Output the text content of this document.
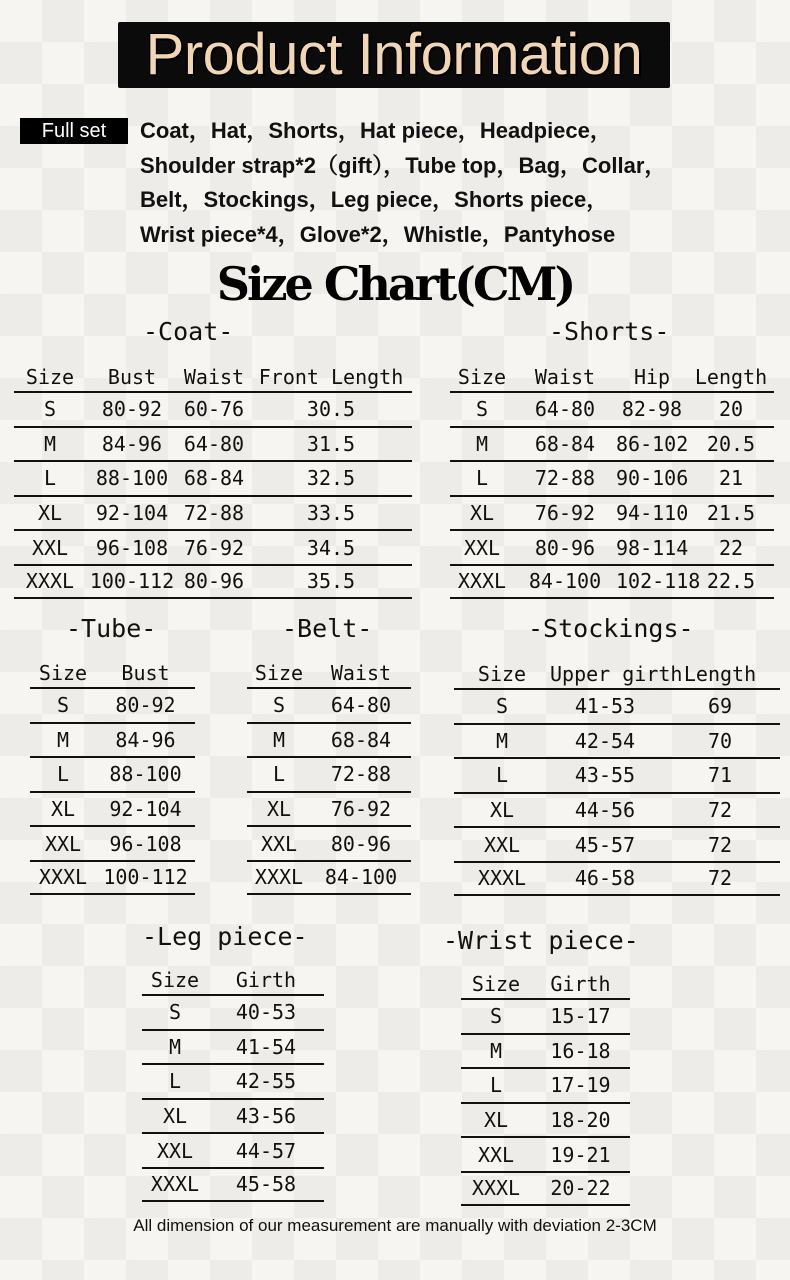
Product Information
Full set	Coat，Hat，Shorts，Hat piece，Headpiece，
Shoulder strap*2（gift），Tube top，Bag，Collar，
Belt，Stockings，Leg piece，Shorts piece，
Wrist piece*4，Glove*2，Whistle，Pantyhose
Size Chart(CM)
-Coat-	-Shorts-
-Tube-	-Belt-	-Stockings-
-Leg piece-	-Wrist piece-
Size	Bust	Waist Front Length
S	80-92	60-76	30.5
M	84-96	64-80	31.5
L	88-100 68-84	32.5
XL	92-104 72-88	33.5
XXL	96-108 76-92	34.5
XXXL 100-112 80-96	35.5
Size	Waist	Hip	Length
S	64-80	82-98	20
M	68-84	86-102 20.5
L	72-88	90-106	21
XL	76-92	94-110 21.5
XXL	80-96	98-114	22
XXXL	84-100 102-118 22.5
Size	Bust
S	80-92
M	84-96
L	88-100
XL	92-104
XXL	96-108
XXXL 100-112
Size	Waist
S	64-80
M	68-84
L	72-88
XL	76-92
XXL	80-96
XXXL	84-100
Size	Upper girth Length
S	41-53	69
M	42-54	70
L	43-55	71
XL	44-56	72
XXL	45-57	72
XXXL	46-58	72
Size	Girth
S	40-53
M	41-54
L	42-55
XL	43-56
XXL	44-57
XXXL	45-58
Size	Girth
S	15-17
M	16-18
L	17-19
XL	18-20
XXL	19-21
XXXL	20-22
All dimension of our measurement are manually with deviation 2-3CM
